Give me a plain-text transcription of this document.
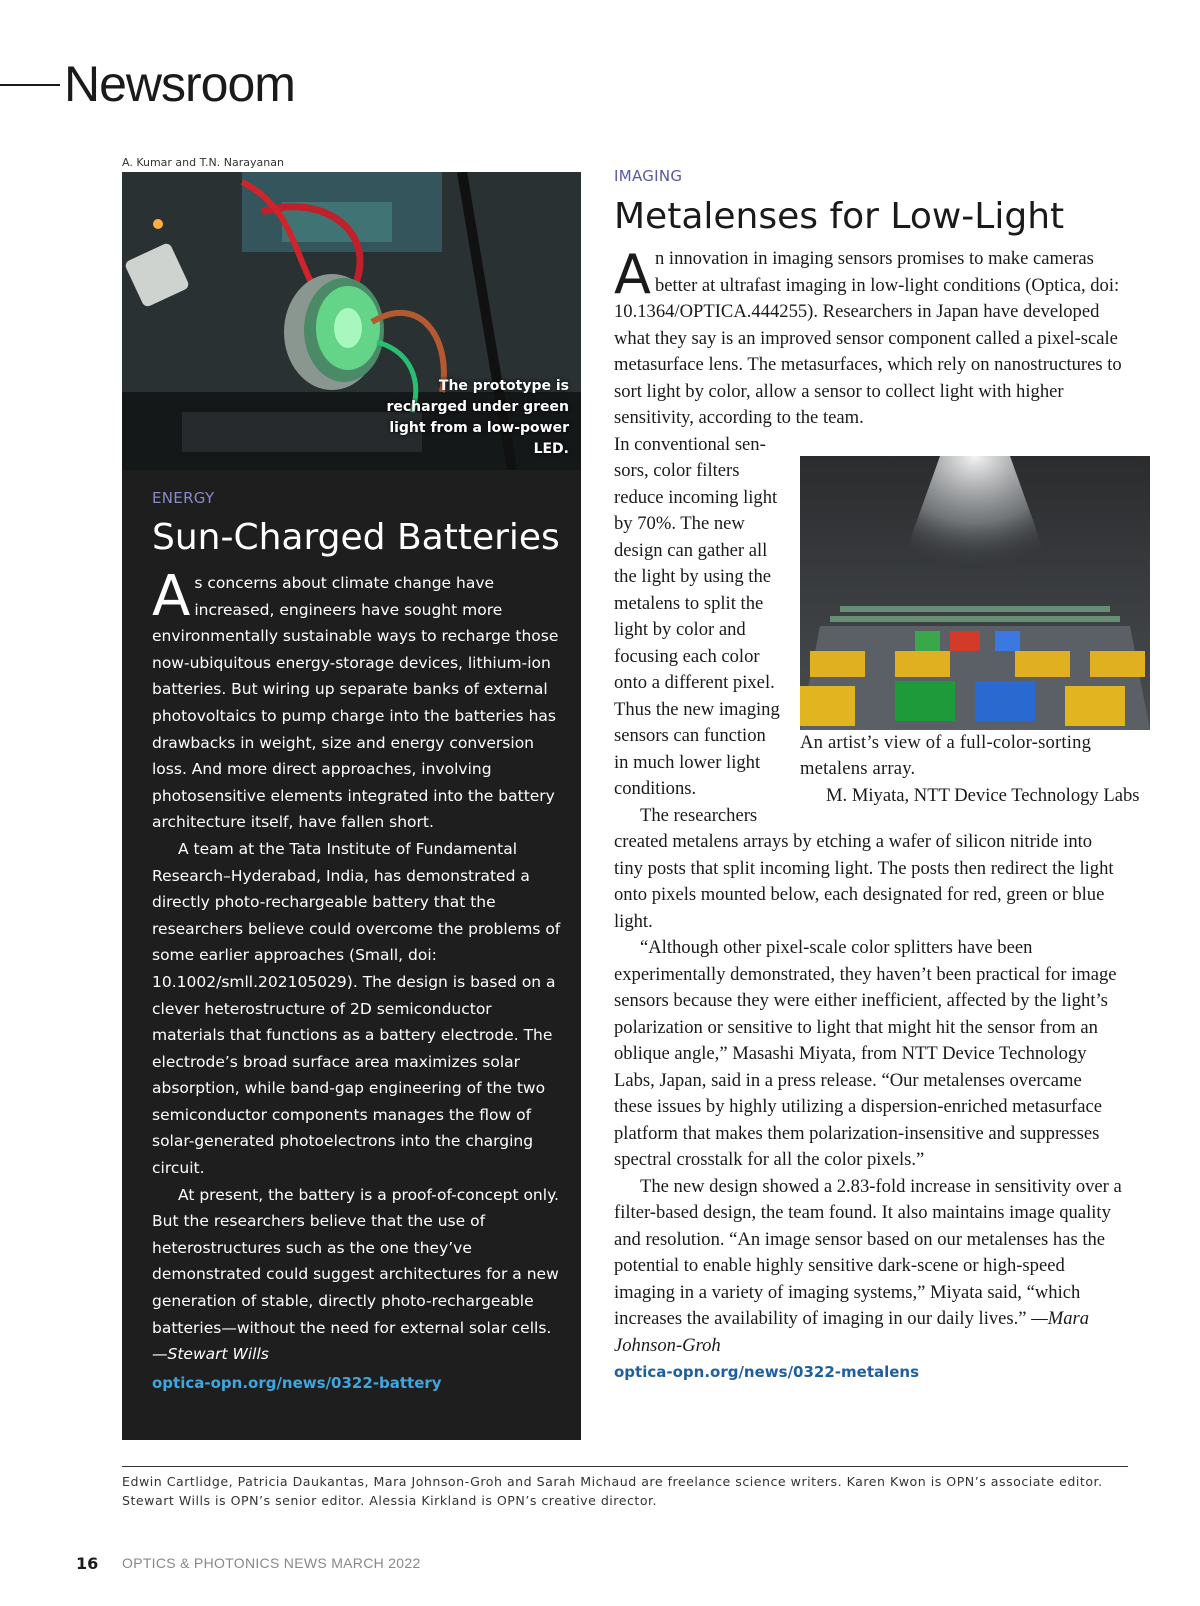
Newsroom
A. Kumar and T.N. Narayanan

The prototype is recharged under green light from a low-power LED.

ENERGY

Sun-Charged Batteries

As concerns about climate change have increased, engineers have sought more environmentally sustainable ways to recharge those now-ubiquitous energy-storage devices, lithium-ion batteries. But wiring up separate banks of external photovoltaics to pump charge into the batteries has drawbacks in weight, size and energy conversion loss. And more direct approaches, involving photosensitive elements integrated into the battery architecture itself, have fallen short.

A team at the Tata Institute of Fundamental Research–Hyderabad, India, has demonstrated a directly photo-rechargeable battery that the researchers believe could overcome the problems of some earlier approaches (Small, doi: 10.1002/smll.202105029). The design is based on a clever heterostructure of 2D semiconductor materials that functions as a battery electrode. The electrode’s broad surface area maximizes solar absorption, while band-gap engineering of the two semiconductor components manages the flow of solar-generated photoelectrons into the charging circuit.

At present, the battery is a proof-of-concept only. But the researchers believe that the use of heterostructures such as the one they’ve demonstrated could suggest architectures for a new generation of stable, directly photo-rechargeable batteries—without the need for external solar cells. —Stewart Wills

optica-opn.org/news/0322-battery

IMAGING

Metalenses for Low-Light

An innovation in imaging sensors promises to make cameras better at ultrafast imaging in low-light conditions (Optica, doi: 10.1364/OPTICA.444255). Researchers in Japan have developed what they say is an improved sensor component called a pixel-scale metasurface lens. The metasurfaces, which rely on nanostructures to sort light by color, allow a sensor to collect light with higher sensitivity, according to the team.

An artist’s view of a full-color-sorting metalens array.

M. Miyata, NTT Device Technology Labs

In conventional sensors, color filters reduce incoming light by 70%. The new design can gather all the light by using the metalens to split the light by color and focusing each color onto a different pixel. Thus the new imaging sensors can function in much lower light conditions.

The researchers created metalens arrays by etching a wafer of silicon nitride into tiny posts that split incoming light. The posts then redirect the light onto pixels mounted below, each designated for red, green or blue light.

“Although other pixel-scale color splitters have been experimentally demonstrated, they haven’t been practical for image sensors because they were either inefficient, affected by the light’s polarization or sensitive to light that might hit the sensor from an oblique angle,” Masashi Miyata, from NTT Device Technology Labs, Japan, said in a press release. “Our metalenses overcame these issues by highly utilizing a dispersion-enriched metasurface platform that makes them polarization-insensitive and suppresses spectral crosstalk for all the color pixels.”

The new design showed a 2.83-fold increase in sensitivity over a filter-based design, the team found. It also maintains image quality and resolution. “An image sensor based on our metalenses has the potential to enable highly sensitive dark-scene or high-speed imaging in a variety of imaging systems,” Miyata said, “which increases the availability of imaging in our daily lives.” —Mara Johnson-Groh

optica-opn.org/news/0322-metalens

Edwin Cartlidge, Patricia Daukantas, Mara Johnson-Groh and Sarah Michaud are freelance science writers. Karen Kwon is OPN’s associate editor. Stewart Wills is OPN’s senior editor. Alessia Kirkland is OPN’s creative director.

16 OPTICS & PHOTONICS NEWS MARCH 2022
